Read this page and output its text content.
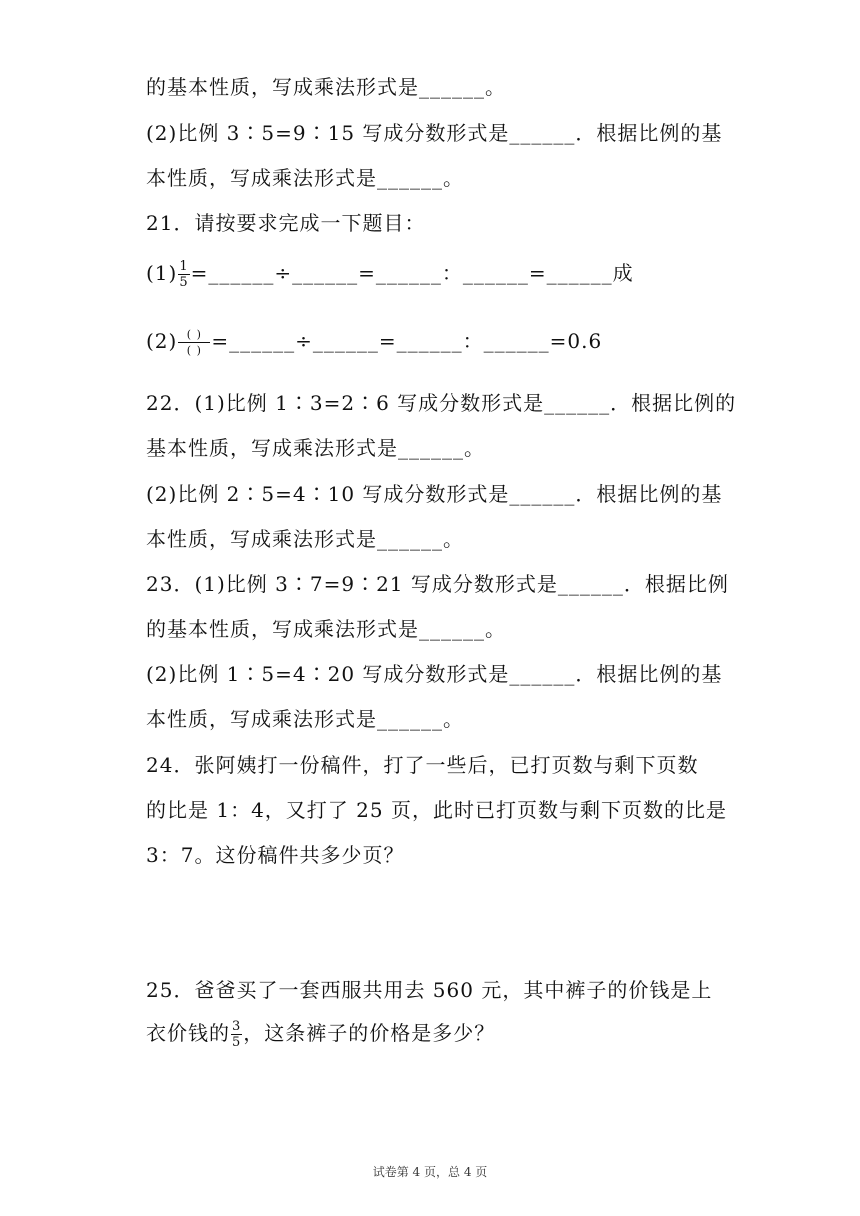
的基本性质，写成乘法形式是______。
(2)比例 3∶5=9∶15 写成分数形式是______．根据比例的基
本性质，写成乘法形式是______。
21．请按要求完成一下题目：
$(1) \frac{1}{5}$ =______÷______=______：______=______成
$(2) \frac{( )}{( )}$ =______÷______=______：______=0.6
22．(1)比例 1∶3=2∶6 写成分数形式是______．根据比例的
基本性质，写成乘法形式是______。
(2)比例 2∶5=4∶10 写成分数形式是______．根据比例的基
本性质，写成乘法形式是______。
23．(1)比例 3∶7=9∶21 写成分数形式是______．根据比例
的基本性质，写成乘法形式是______。
(2)比例 1∶5=4∶20 写成分数形式是______．根据比例的基
本性质，写成乘法形式是______。
24．张阿姨打一份稿件，打了一些后，已打页数与剩下页数
的比是 1：4，又打了 25 页，此时已打页数与剩下页数的比是
3：7。这份稿件共多少页？
25．爸爸买了一套西服共用去 560 元，其中裤子的价钱是上
衣价钱的 $\frac{3}{5}$ ，这条裤子的价格是多少？
试卷第 4 页，总 4 页
